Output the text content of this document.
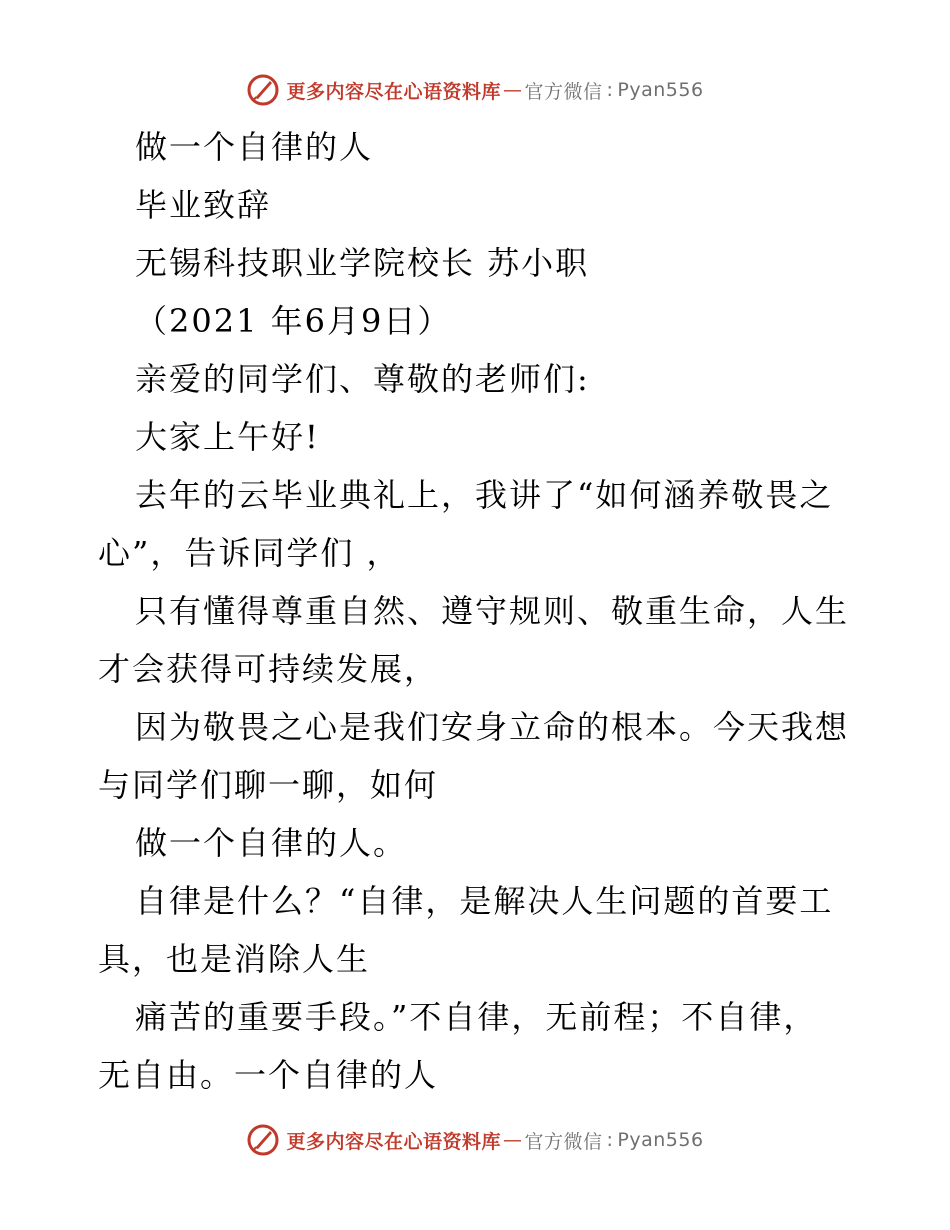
更多内容尽在心语资料库 — 官方微信 : Pyan556
做一个自律的人
毕业致辞
无锡科技职业学院校长 苏小职
（2021 年6月9日）
亲爱的同学们、尊敬的老师们:
大家上午好!
去年的云毕业典礼上，我讲了“如何涵养敬畏之
心”，告诉同学们 ，
只有懂得尊重自然、遵守规则、敬重生命，人生
才会获得可持续发展，
因为敬畏之心是我们安身立命的根本。今天我想
与同学们聊一聊，如何
做一个自律的人。
自律是什么？“自律，是解决人生问题的首要工
具，也是消除人生
痛苦的重要手段。”不自律，无前程；不自律，
无自由。一个自律的人
更多内容尽在心语资料库 — 官方微信 : Pyan556
